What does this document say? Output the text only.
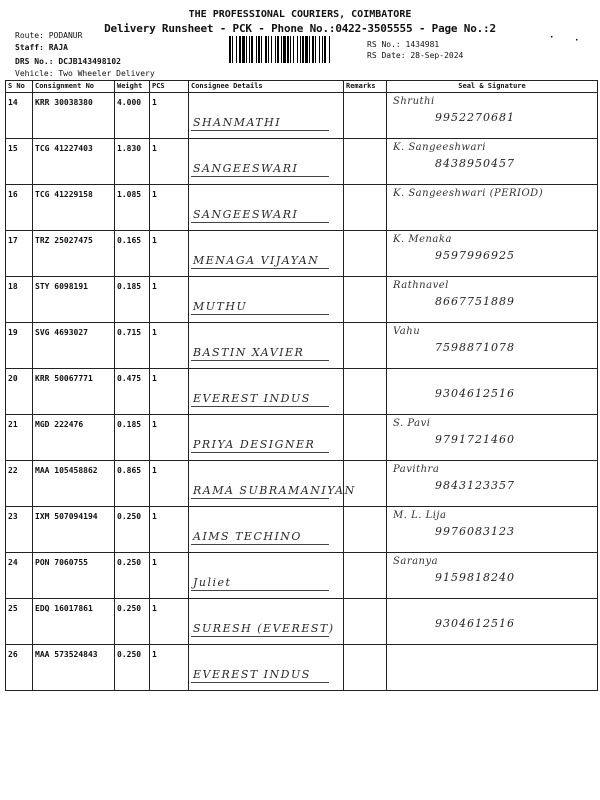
THE PROFESSIONAL COURIERS, COIMBATORE
Delivery Runsheet - PCK - Phone No.:0422-3505555 - Page No.:2
Route: PODANUR
Staff: RAJA
DRS No.: DCJB143498102
Vehicle: Two Wheeler Delivery
RS No.: 1434981
RS Date: 28-Sep-2024
· ·
S No	Consignment No	Weight	PCS	Consignee Details	Remarks	Seal & Signature
14	KRR 30038380	4.000	1	SHANMATHI		Shruthi
9952270681

15	TCG 41227403	1.830	1	SANGEESWARI		K. Sangeeshwari
8438950457

16	TCG 41229158	1.085	1	SANGEESWARI		K. Sangeeshwari (PERIOD)

17	TRZ 25027475	0.165	1	MENAGA VIJAYAN		K. Menaka
9597996925

18	STY 6098191	0.185	1	MUTHU		Rathnavel
8667751889

19	SVG 4693027	0.715	1	BASTIN XAVIER		Vahu
7598871078

20	KRR 50067771	0.475	1	EVEREST INDUS		9304612516

21	MGD 222476	0.185	1	PRIYA DESIGNER		S. Pavi
9791721460

22	MAA 105458862	0.865	1	RAMA SUBRAMANIYAN		Pavithra
9843123357

23	IXM 507094194	0.250	1	AIMS TECHINO		M. L. Lija
9976083123

24	PON 7060755	0.250	1	Juliet		Saranya
9159818240

25	EDQ 16017861	0.250	1	SURESH (EVEREST)		9304612516

26	MAA 573524843	0.250	1	EVEREST INDUS		
